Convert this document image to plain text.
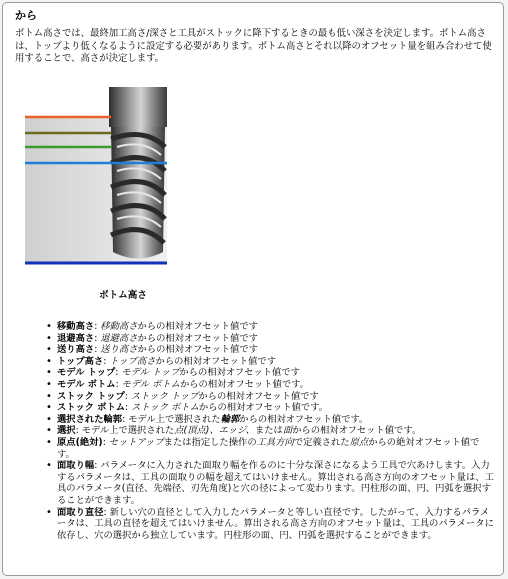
から
ボトム高さでは、最終加工高さ/深さと工具がストックに降下するときの最も低い深さを決定します。ボトム高さは、トップより低くなるように設定する必要があります。ボトム高さとそれ以降のオフセット量を組み合わせて使用することで、高さが決定します。
ボトム高さ
• 移動高さ: 移動高さからの相対オフセット値です
• 退避高さ: 退避高さからの相対オフセット値です
• 送り高さ: 送り高さからの相対オフセット値です
• トップ高さ: トップ高さからの相対オフセット値です
• モデル トップ: モデル トップからの相対オフセット値です
• モデル ボトム: モデル ボトムからの相対オフセット値です。
• ストック トップ: ストック トップからの相対オフセット値です
• ストック ボトム: ストック ボトムからの相対オフセット値です。
• 選択された輪郭: モデル上で選択された輪郭からの相対オフセット値です。
• 選択: モデル上で選択された点(頂点)、エッジ、または面からの相対オフセット値です。
• 原点(絶対): セットアップまたは指定した操作の工具方向で定義された原点からの絶対オフセット値です。
• 面取り幅: パラメータに入力された面取り幅を作るのに十分な深さになるよう工具で穴あけします。入力するパラメータは、工具の面取りの幅を超えてはいけません。算出される高さ方向のオフセット量は、工具のパラメータ(直径、先端径、刃先角度)と穴の径によって変わります。円柱形の面、円、円弧を選択することができます。
• 面取り直径: 新しい穴の直径として入力したパラメータと等しい直径です。したがって、入力するパラメータは、工具の直径を超えてはいけません。算出される高さ方向のオフセット量は、工具のパラメータに依存し、穴の選択から独立しています。円柱形の面、円、円弧を選択することができます。
